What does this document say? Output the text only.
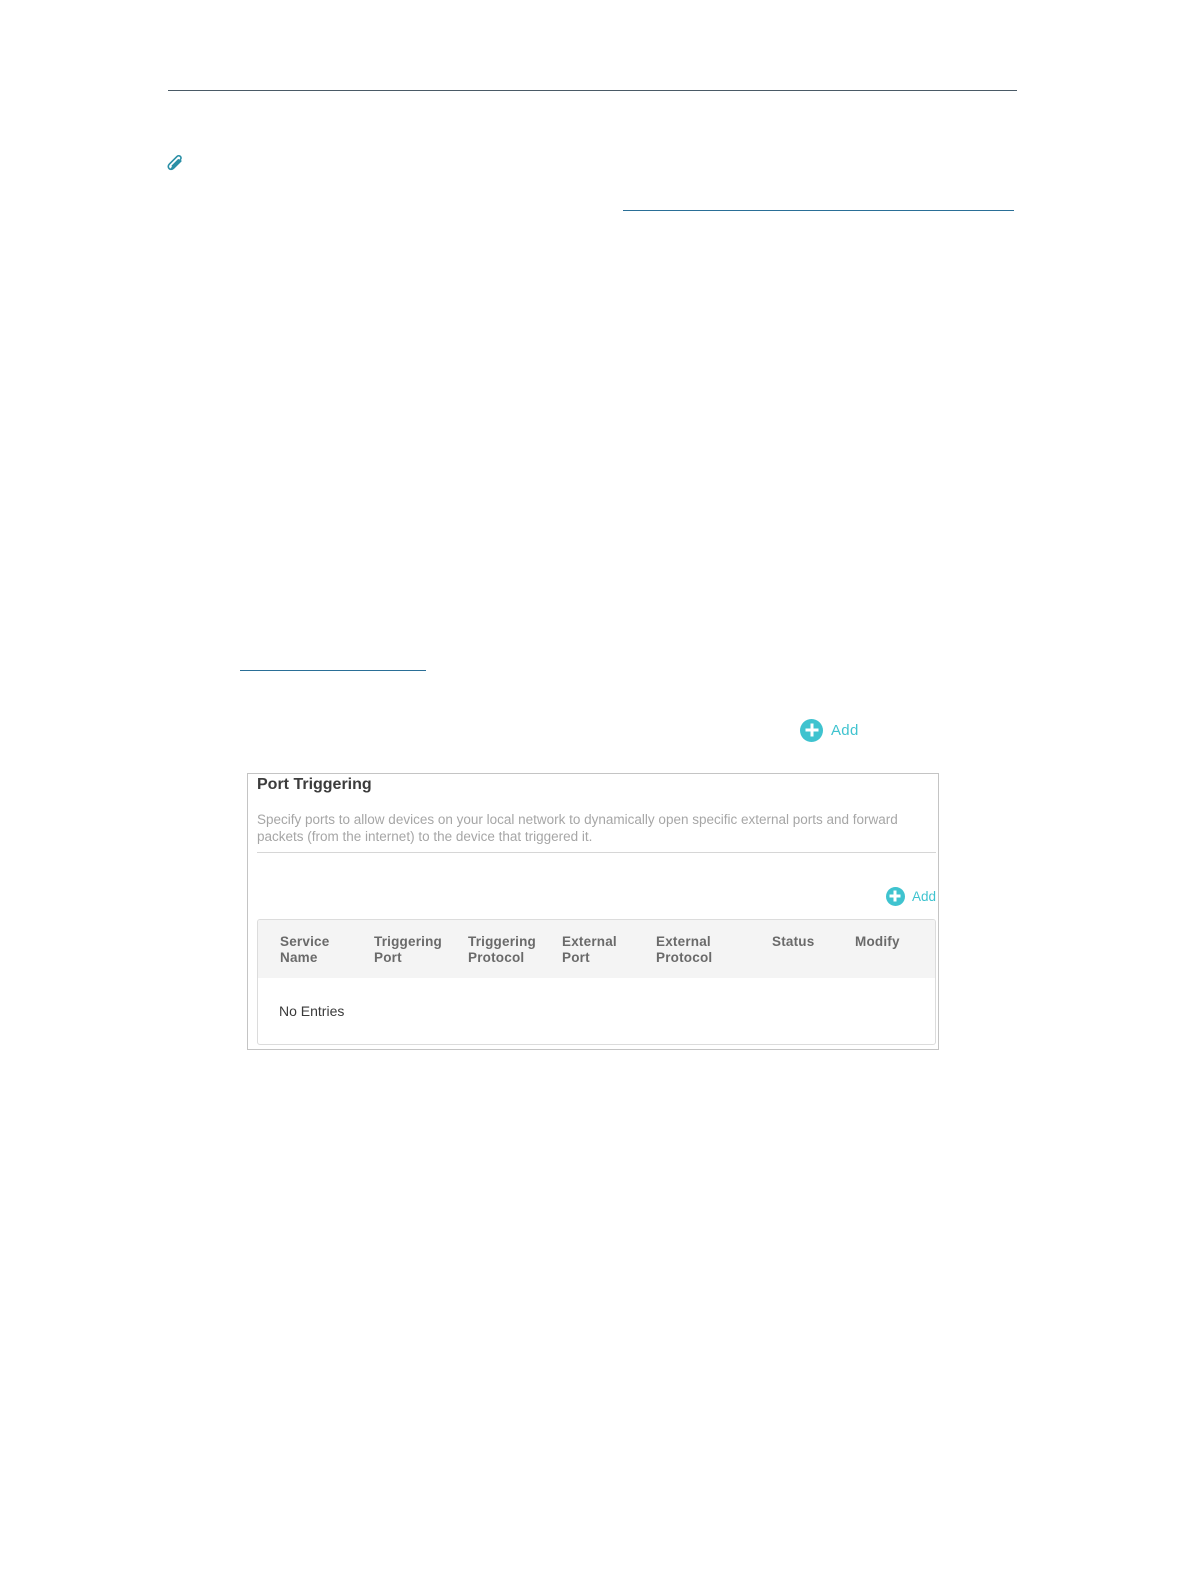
Add
Port Triggering
Specify ports to allow devices on your local network to dynamically open specific external ports and forward packets (from the internet) to the device that triggered it.
Add
Service
Name
Triggering
Port
Triggering
Protocol
External
Port
External
Protocol
Status	Modify
No Entries
